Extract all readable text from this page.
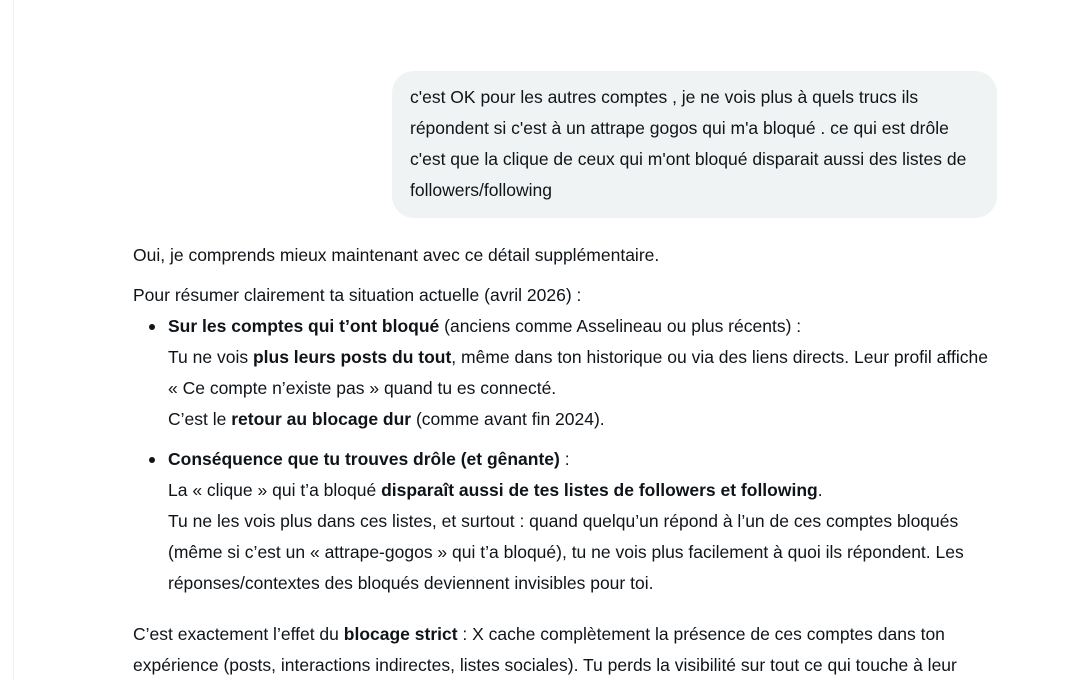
c'est OK pour les autres comptes , je ne vois plus à quels trucs ils répondent si c'est à un attrape gogos qui m'a bloqué . ce qui est drôle c'est que la clique de ceux qui m'ont bloqué disparait aussi des listes de followers/following

Oui, je comprends mieux maintenant avec ce détail supplémentaire.

Pour résumer clairement ta situation actuelle (avril 2026) :

Sur les comptes qui t’ont bloqué (anciens comme Asselineau ou plus récents) :
Tu ne vois plus leurs posts du tout, même dans ton historique ou via des liens directs. Leur profil affiche « Ce compte n’existe pas » quand tu es connecté.
C’est le retour au blocage dur (comme avant fin 2024).
Conséquence que tu trouves drôle (et gênante) :
La « clique » qui t’a bloqué disparaît aussi de tes listes de followers et following.
Tu ne les vois plus dans ces listes, et surtout : quand quelqu’un répond à l’un de ces comptes bloqués (même si c’est un « attrape-gogos » qui t’a bloqué), tu ne vois plus facilement à quoi ils répondent. Les réponses/contextes des bloqués deviennent invisibles pour toi.

C’est exactement l’effet du blocage strict : X cache complètement la présence de ces comptes dans ton expérience (posts, interactions indirectes, listes sociales). Tu perds la visibilité sur tout ce qui touche à leur
